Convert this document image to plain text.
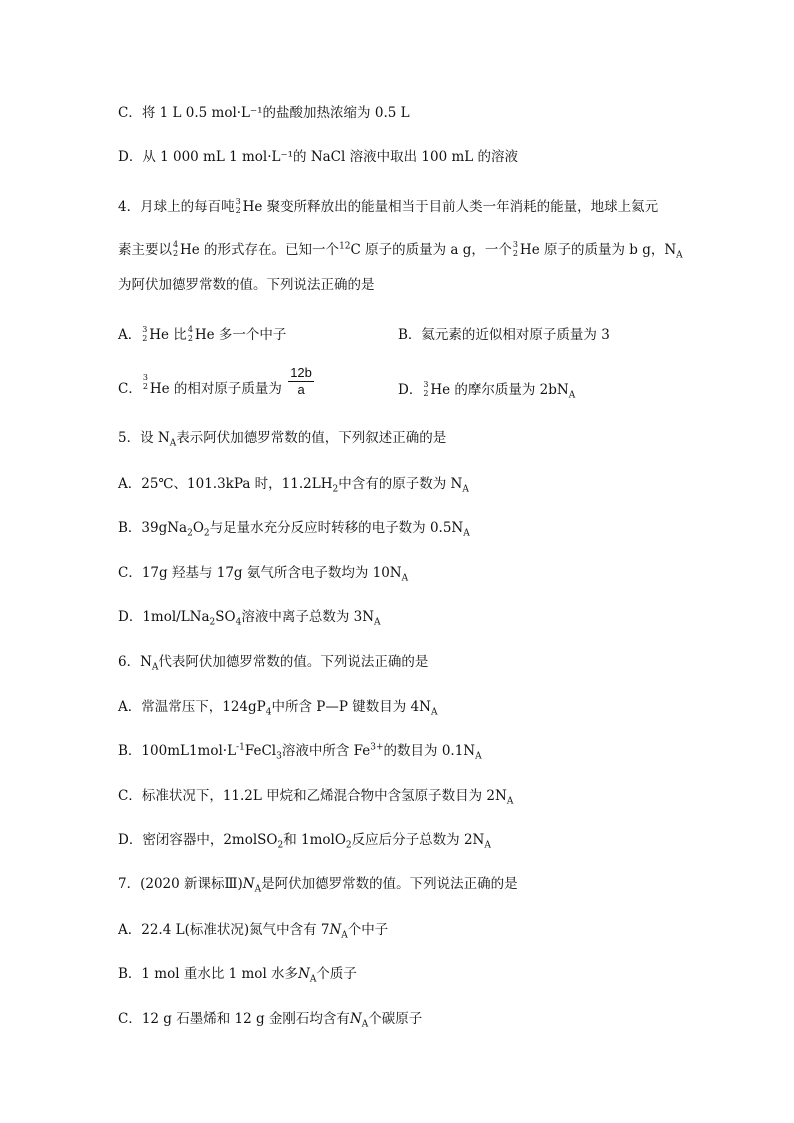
C．将 1 L 0.5 mol·L⁻¹的盐酸加热浓缩为 0.5 L
D．从 1 000 mL 1 mol·L⁻¹的 NaCl 溶液中取出 100 mL 的溶液
4．月球上的每百吨 3
2 He 聚变所释放出的能量相当于目前人类一年消耗的能量，地球上氦元
素主要以 4
2 He 的形式存在。已知一个$^{12}$C 原子的质量为 a g，一个 3
2 He 原子的质量为 b g，$N_A$
为阿伏加德罗常数的值。下列说法正确的是
A． 3
2 He 比 4
2 He 多一个中子	B．氦元素的近似相对原子质量为 3
C．
3
2 He 的相对原子质量为 $\frac{12b}{a}$	D． 3
2 He 的摩尔质量为 $2bN_A$
5．设 $N_A$表示阿伏加德罗常数的值，下列叙述正确的是
A．25℃、101.3kPa 时，$11.2LH_2$中含有的原子数为 $N_A$
B．$39gNa_2O_2$与足量水充分反应时转移的电子数为 $0.5N_A$
C．17g 羟基与 17g 氨气所含电子数均为 $10N_A$
D．$1mol/LNa_2SO_4$溶液中离子总数为 $3N_A$
6．$N_A$代表阿伏加德罗常数的值。下列说法正确的是
A．常温常压下，$124gP_4$中所含 P—P 键数目为 $4N_A$
B．$100mL1mol\cdot L^{-1}FeCl_3$溶液中所含 $Fe^{3+}$的数目为 $0.1N_A$
C．标准状况下，11.2L 甲烷和乙烯混合物中含氢原子数目为 $2N_A$
D．密闭容器中，2molSO$_2$和 1molO$_2$反应后分子总数为 $2N_A$
7．(2020 新课标$Ⅲ)N_A$是阿伏加德罗常数的值。下列说法正确的是
A．22.4 L(标准状况)氮气中含有 $7N_A$个中子
B．1 mol 重水比 1 mol 水多$N_A$个质子
C．12 g 石墨烯和 12 g 金刚石均含有$N_A$个碳原子
